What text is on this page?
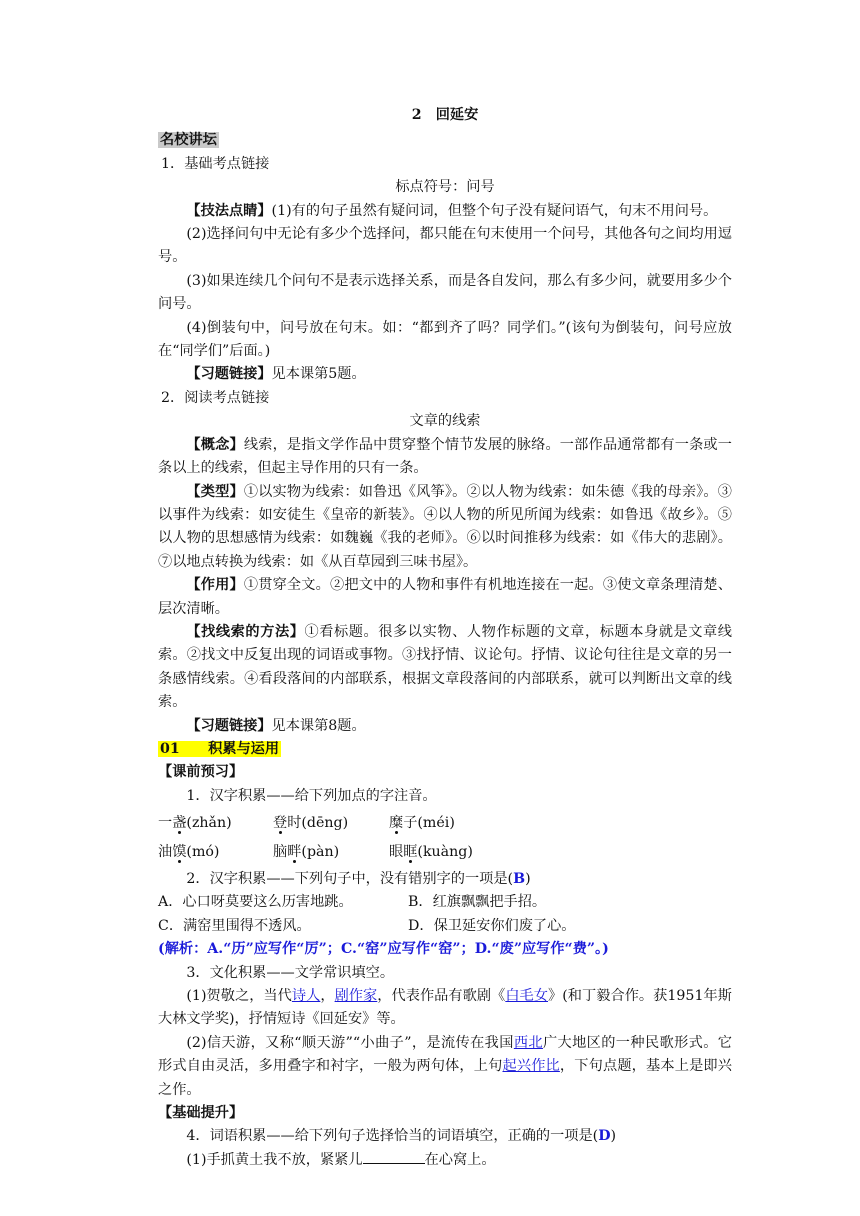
2　回延安

名校讲坛

1．基础考点链接

标点符号：问号

【技法点睛】(1)有的句子虽然有疑问词，但整个句子没有疑问语气，句末不用问号。

(2)选择问句中无论有多少个选择问，都只能在句末使用一个问号，其他各句之间均用逗号。

(3)如果连续几个问句不是表示选择关系，而是各自发问，那么有多少问，就要用多少个问号。

(4)倒装句中，问号放在句末。如：“都到齐了吗？同学们。”(该句为倒装句，问号应放在“同学们”后面。)

【习题链接】见本课第5题。

2．阅读考点链接

文章的线索

【概念】线索，是指文学作品中贯穿整个情节发展的脉络。一部作品通常都有一条或一条以上的线索，但起主导作用的只有一条。

【类型】①以实物为线索：如鲁迅《风筝》。②以人物为线索：如朱德《我的母亲》。③以事件为线索：如安徒生《皇帝的新装》。④以人物的所见所闻为线索：如鲁迅《故乡》。⑤以人物的思想感情为线索：如魏巍《我的老师》。⑥以时间推移为线索：如《伟大的悲剧》。⑦以地点转换为线索：如《从百草园到三味书屋》。

【作用】①贯穿全文。②把文中的人物和事件有机地连接在一起。③使文章条理清楚、层次清晰。

【找线索的方法】①看标题。很多以实物、人物作标题的文章，标题本身就是文章线索。②找文中反复出现的词语或事物。③找抒情、议论句。抒情、议论句往往是文章的另一条感情线索。④看段落间的内部联系，根据文章段落间的内部联系，就可以判断出文章的线索。

【习题链接】见本课第8题。

01　　积累与运用

【课前预习】

1．汉字积累——给下列加点的字注音。

一盏(zhǎn)	登时(dēng)	糜子(méi)
油馍(mó)	脑畔(pàn)	眼眶(kuàng)

2．汉字积累——下列句子中，没有错别字的一项是(B)

A．心口呀莫要这么历害地跳。	B．红旗飘飘把手招。
C．满窑里围得不透风。	D．保卫延安你们废了心。

(解析：A.“历”应写作“厉”；C.“窑”应写作“窑”；D.“废”应写作“费”。)

3．文化积累——文学常识填空。

(1)贺敬之，当代诗人，剧作家，代表作品有歌剧《白毛女》(和丁毅合作。获1951年斯大林文学奖)，抒情短诗《回延安》等。

(2)信天游，又称“顺天游”“小曲子”，是流传在我国西北广大地区的一种民歌形式。它形式自由灵活，多用叠字和衬字，一般为两句体，上句起兴作比，下句点题，基本上是即兴之作。

【基础提升】

4．词语积累——给下列句子选择恰当的词语填空，正确的一项是(D)

(1)手抓黄土我不放，紧紧儿	在心窝上。
